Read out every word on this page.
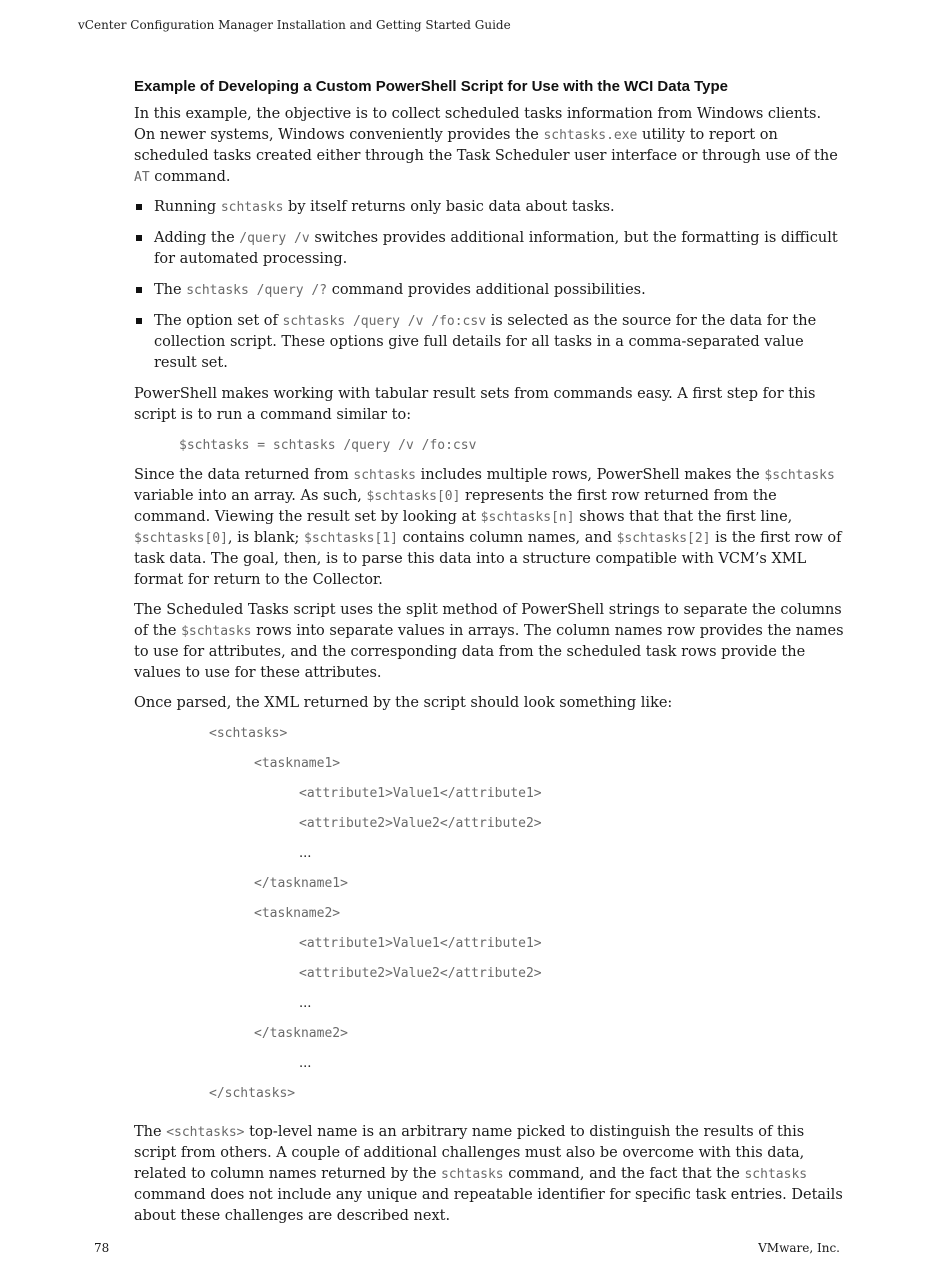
vCenter Configuration Manager Installation and Getting Started Guide
Example of Developing a Custom PowerShell Script for Use with the WCI Data Type

In this example, the objective is to collect scheduled tasks information from Windows clients. On newer systems, Windows conveniently provides the schtasks.exe utility to report on scheduled tasks created either through the Task Scheduler user interface or through use of the AT command.

Running schtasks by itself returns only basic data about tasks.
Adding the /query /v switches provides additional information, but the formatting is difficult for automated processing.
The schtasks /query /? command provides additional possibilities.
The option set of schtasks /query /v /fo:csv is selected as the source for the data for the collection script. These options give full details for all tasks in a comma-separated value result set.

PowerShell makes working with tabular result sets from commands easy. A first step for this script is to run a command similar to:

$schtasks = schtasks /query /v /fo:csv

Since the data returned from schtasks includes multiple rows, PowerShell makes the $schtasks variable into an array. As such, $schtasks[0] represents the first row returned from the command. Viewing the result set by looking at $schtasks[n] shows that that the first line, $schtasks[0], is blank; $schtasks[1] contains column names, and $schtasks[2] is the first row of task data. The goal, then, is to parse this data into a structure compatible with VCM’s XML format for return to the Collector.

The Scheduled Tasks script uses the split method of PowerShell strings to separate the columns of the $schtasks rows into separate values in arrays. The column names row provides the names to use for attributes, and the corresponding data from the scheduled task rows provide the values to use for these attributes.

Once parsed, the XML returned by the script should look something like:

<schtasks>
<taskname1>
<attribute1>Value1</attribute1>
<attribute2>Value2</attribute2>
...
</taskname1>
<taskname2>
<attribute1>Value1</attribute1>
<attribute2>Value2</attribute2>
...
</taskname2>
...
</schtasks>

The <schtasks> top-level name is an arbitrary name picked to distinguish the results of this script from others. A couple of additional challenges must also be overcome with this data, related to column names returned by the schtasks command, and the fact that the schtasks command does not include any unique and repeatable identifier for specific task entries. Details about these challenges are described next.

78	VMware, Inc.
